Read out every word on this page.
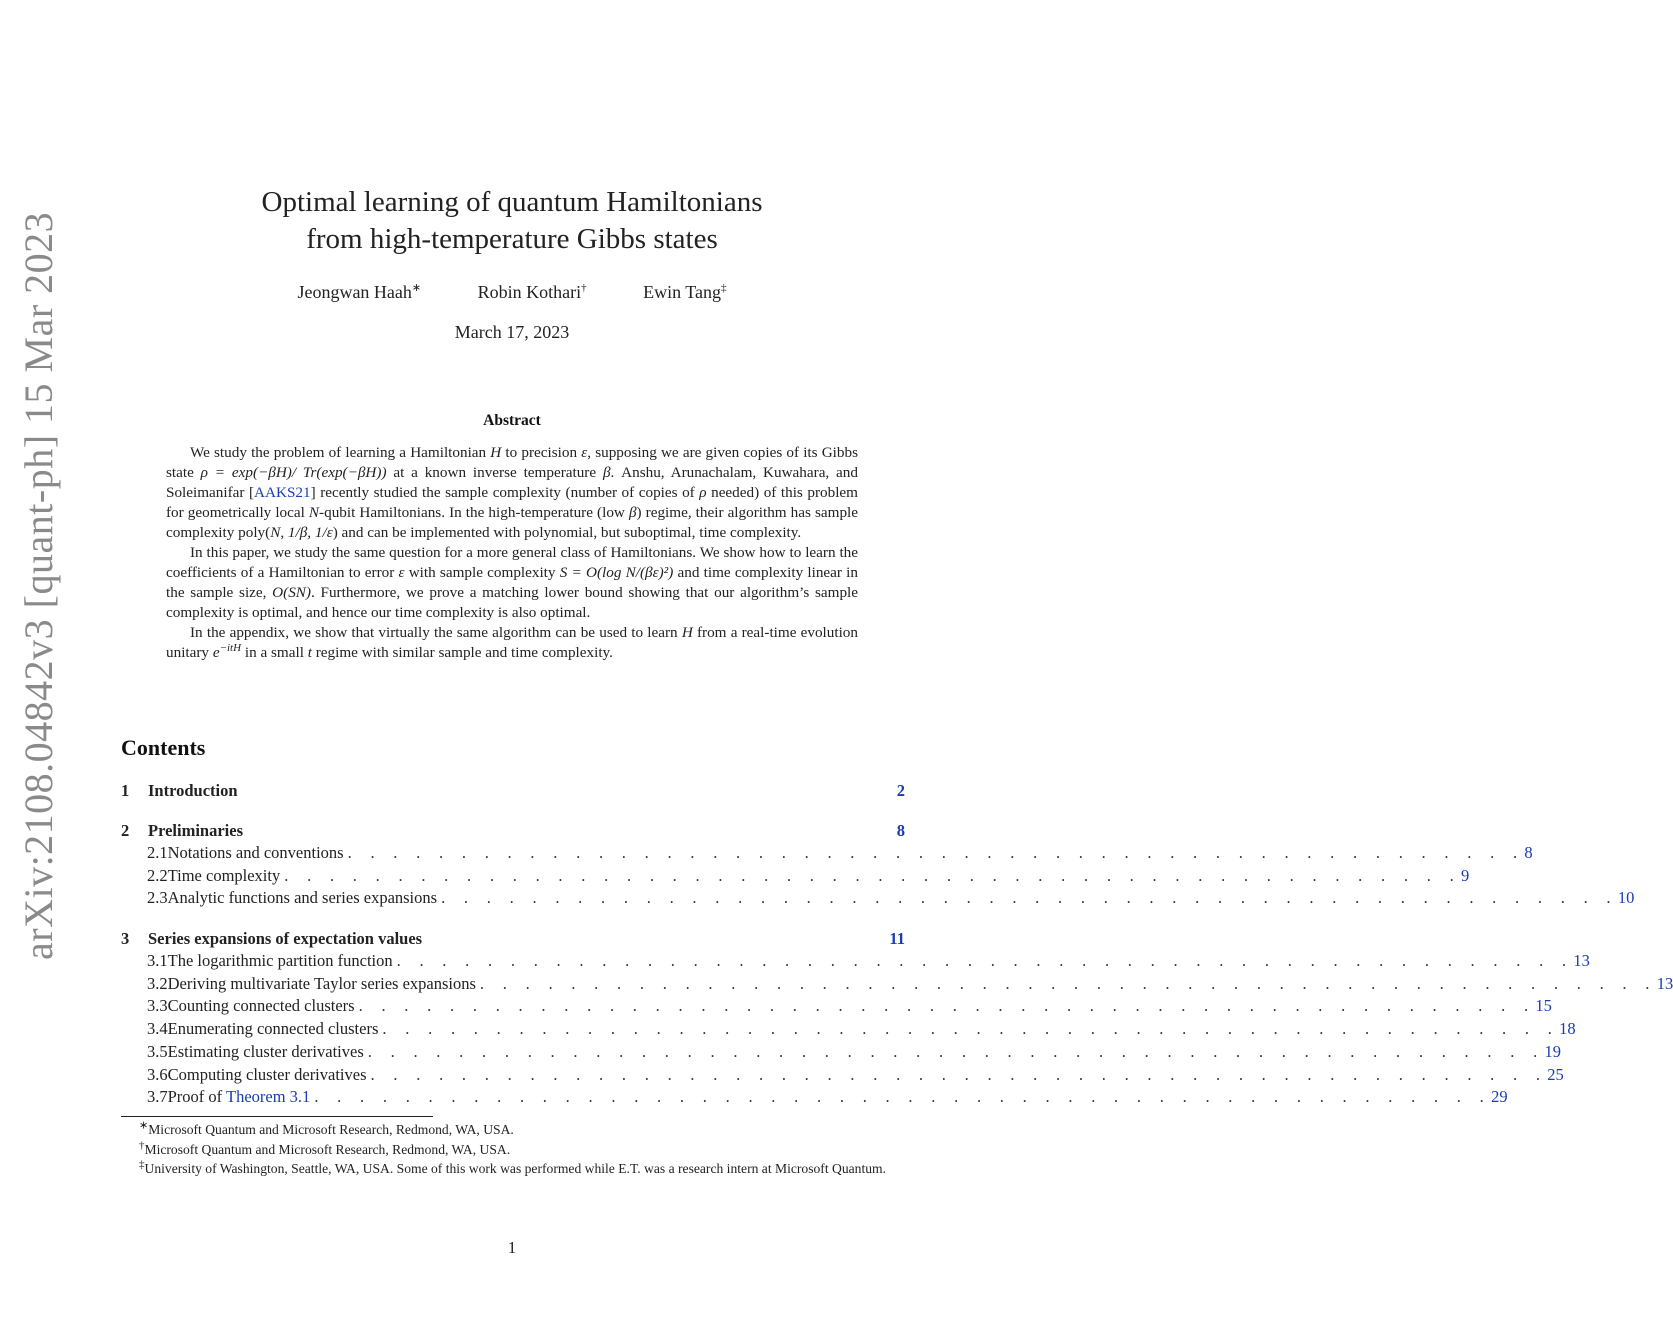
arXiv:2108.04842v3 [quant-ph] 15 Mar 2023
Optimal learning of quantum Hamiltonians
from high-temperature Gibbs states
Jeongwan Haah∗	Robin Kothari†	Ewin Tang‡
March 17, 2023
Abstract

We study the problem of learning a Hamiltonian H to precision ε, supposing we are given copies of its Gibbs state ρ = exp(−βH)/ Tr(exp(−βH)) at a known inverse temperature β. Anshu, Arunachalam, Kuwahara, and Soleimanifar [AAKS21] recently studied the sample complexity (number of copies of ρ needed) of this problem for geometrically local N-qubit Hamiltonians. In the high-temperature (low β) regime, their algorithm has sample complexity poly(N, 1/β, 1/ε) and can be implemented with polynomial, but suboptimal, time complexity.

In this paper, we study the same question for a more general class of Hamiltonians. We show how to learn the coefficients of a Hamiltonian to error ε with sample complexity S = O(log N/(βε)²) and time complexity linear in the sample size, O(SN). Furthermore, we prove a matching lower bound showing that our algorithm’s sample complexity is optimal, and hence our time complexity is also optimal.

In the appendix, we show that virtually the same algorithm can be used to learn H from a real-time evolution unitary $e^{-itH}$ in a small t regime with similar sample and time complexity.

Contents
1	Introduction	2
2	Preliminaries	8
2.1 Notations and conventions . . . . . . . . . . . . . . . . . . . . . . . . . . . . . . . . . . . . . . . . . . . . . . . . . . . . 8
2.2 Time complexity . . . . . . . . . . . . . . . . . . . . . . . . . . . . . . . . . . . . . . . . . . . . . . . . . . . . 9
2.3 Analytic functions and series expansions . . . . . . . . . . . . . . . . . . . . . . . . . . . . . . . . . . . . . . . . . . . . . . . . . . . . 10
3	Series expansions of expectation values	11
3.1 The logarithmic partition function . . . . . . . . . . . . . . . . . . . . . . . . . . . . . . . . . . . . . . . . . . . . . . . . . . . . 13
3.2 Deriving multivariate Taylor series expansions . . . . . . . . . . . . . . . . . . . . . . . . . . . . . . . . . . . . . . . . . . . . . . . . . . . . 13
3.3 Counting connected clusters . . . . . . . . . . . . . . . . . . . . . . . . . . . . . . . . . . . . . . . . . . . . . . . . . . . . 15
3.4 Enumerating connected clusters . . . . . . . . . . . . . . . . . . . . . . . . . . . . . . . . . . . . . . . . . . . . . . . . . . . . 18
3.5 Estimating cluster derivatives . . . . . . . . . . . . . . . . . . . . . . . . . . . . . . . . . . . . . . . . . . . . . . . . . . . . 19
3.6 Computing cluster derivatives . . . . . . . . . . . . . . . . . . . . . . . . . . . . . . . . . . . . . . . . . . . . . . . . . . . . 25
3.7 Proof of Theorem 3.1 . . . . . . . . . . . . . . . . . . . . . . . . . . . . . . . . . . . . . . . . . . . . . . . . . . . . 29

∗Microsoft Quantum and Microsoft Research, Redmond, WA, USA.

†Microsoft Quantum and Microsoft Research, Redmond, WA, USA.

‡University of Washington, Seattle, WA, USA. Some of this work was performed while E.T. was a research intern at Microsoft Quantum.

1
